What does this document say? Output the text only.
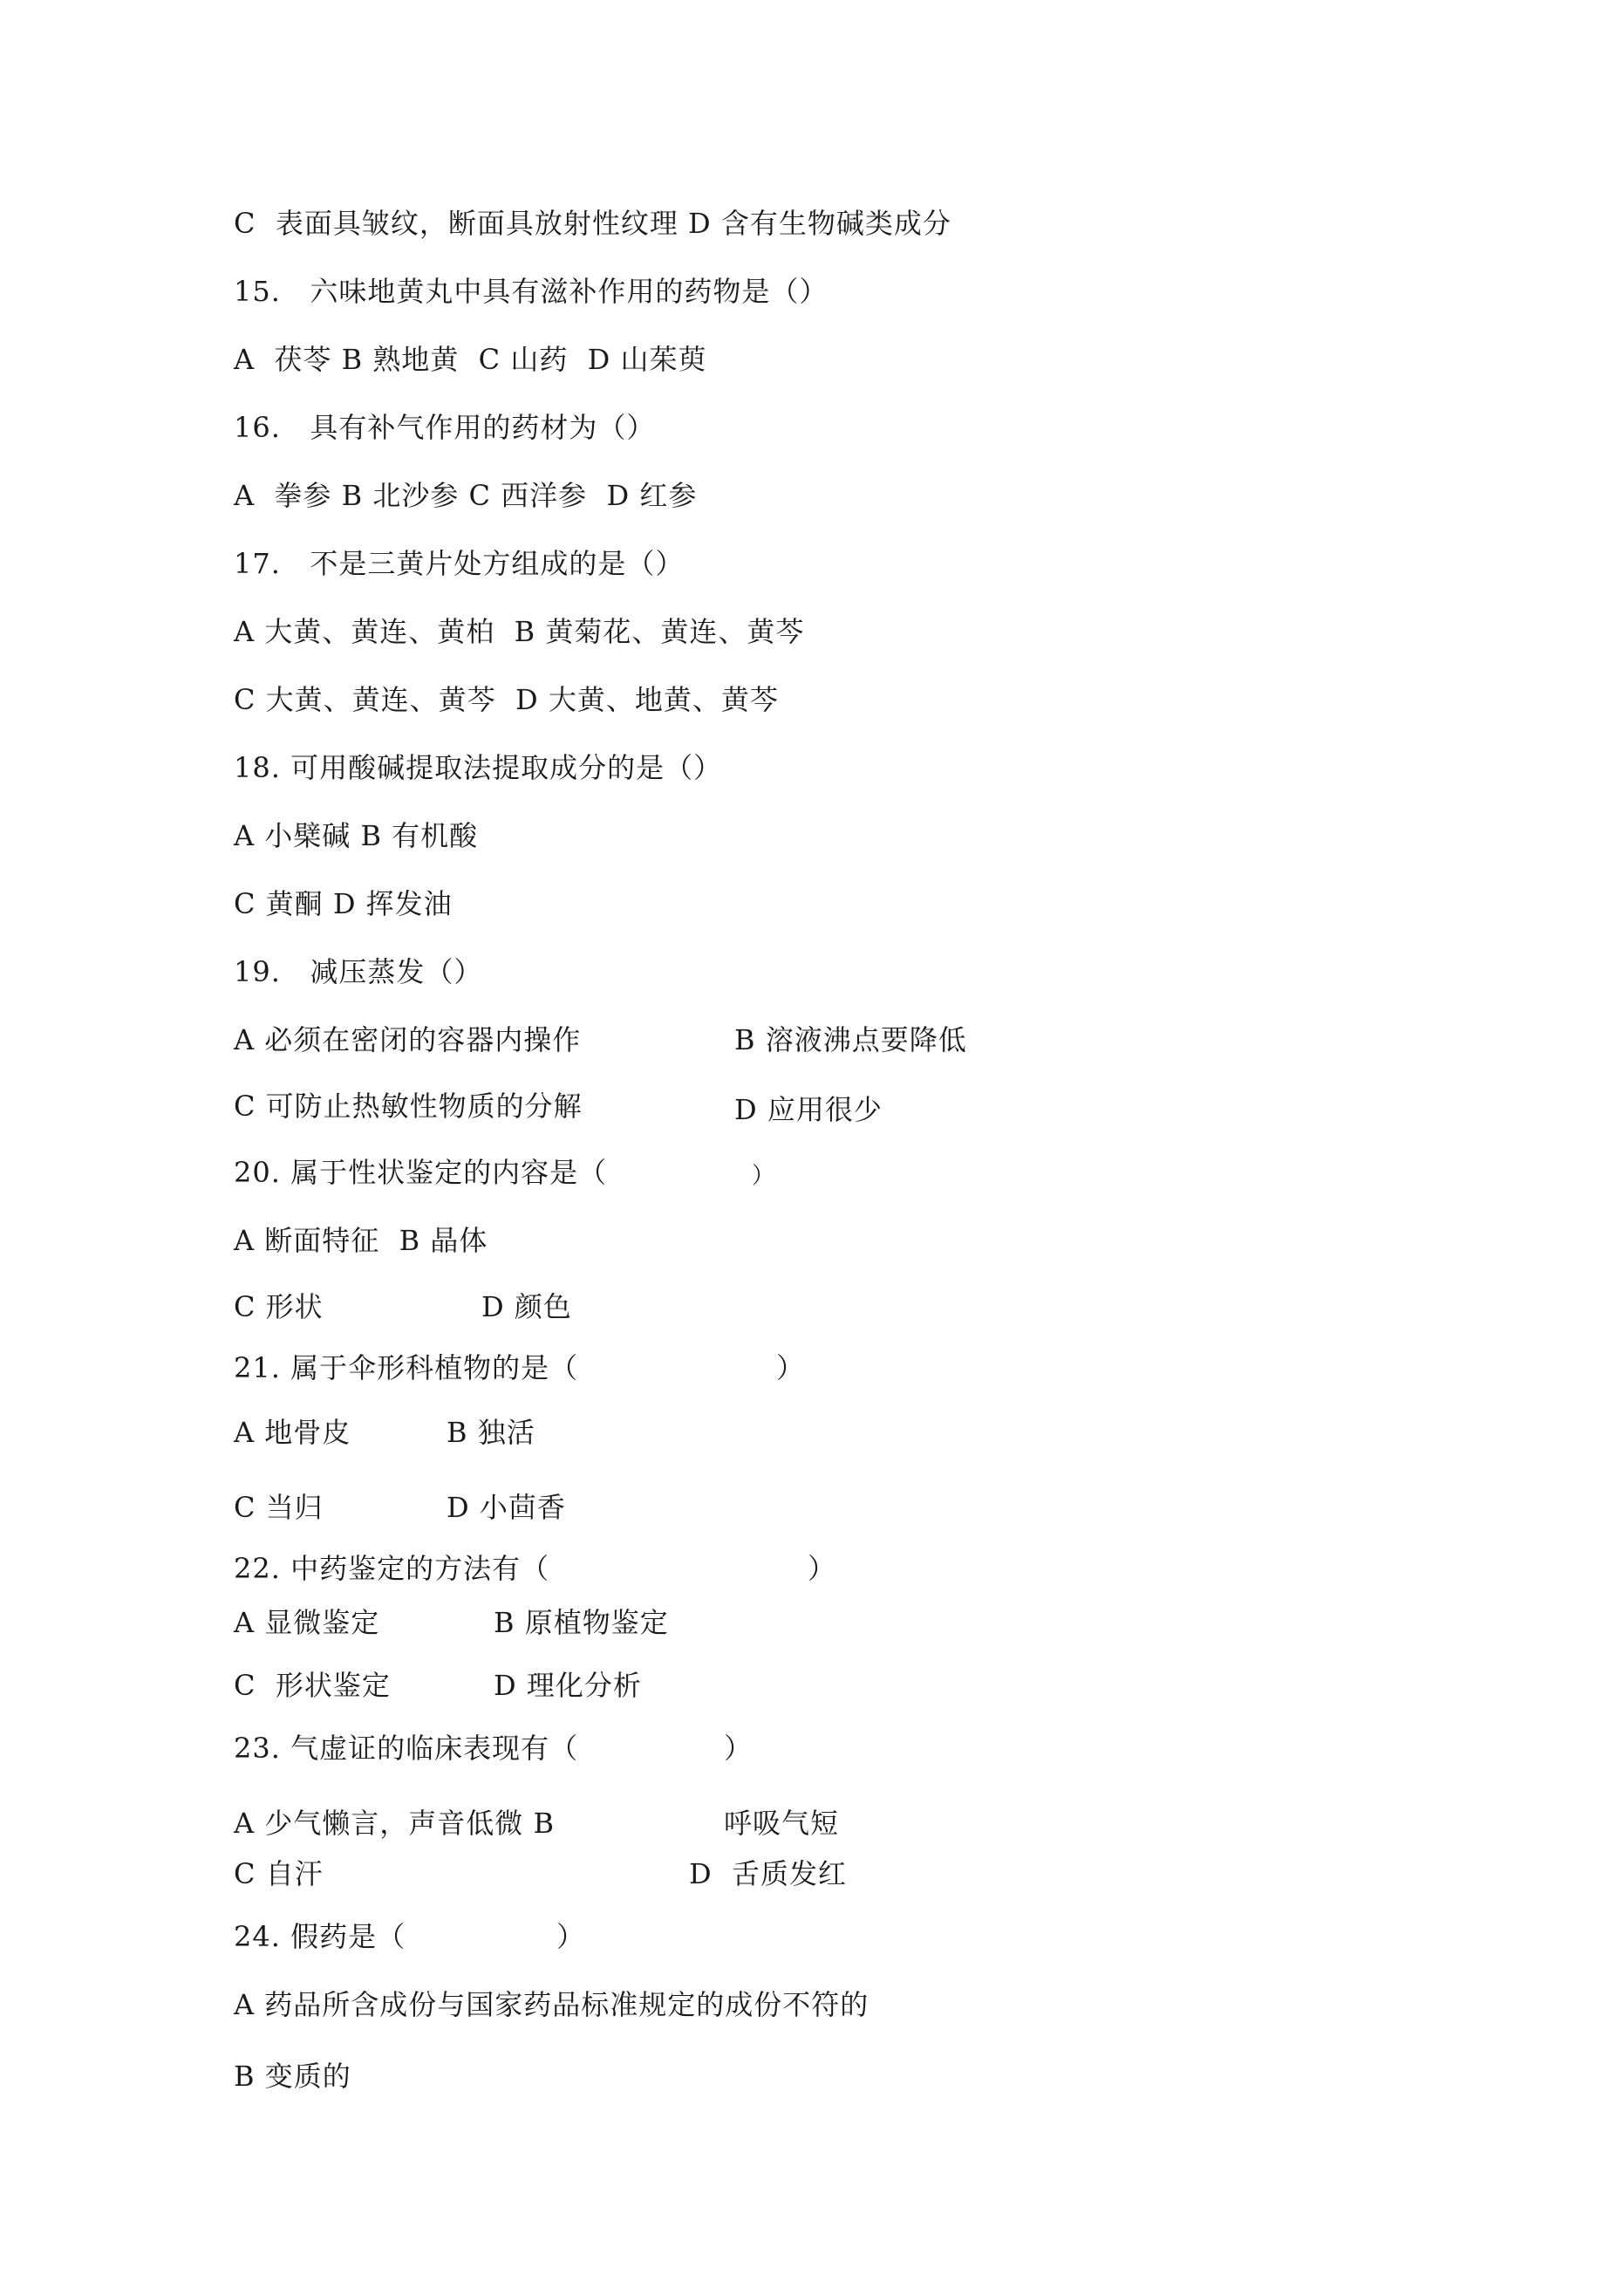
C  表面具皱纹，断面具放射性纹理 D 含有生物碱类成分
15.   六味地黄丸中具有滋补作用的药物是（）
A  茯苓 B 熟地黄  C 山药  D 山茱萸
16.   具有补气作用的药材为（）
A  拳参 B 北沙参 C 西洋参  D 红参
17.   不是三黄片处方组成的是（）
A 大黄、黄连、黄柏  B 黄菊花、黄连、黄芩
C 大黄、黄连、黄芩  D 大黄、地黄、黄芩
18. 可用酸碱提取法提取成分的是（）
A 小檗碱 B 有机酸
C 黄酮 D 挥发油
19.   减压蒸发（）
A 必须在密闭的容器内操作	B 溶液沸点要降低
C 可防止热敏性物质的分解	D 应用很少
20. 属于性状鉴定的内容是（	）
A 断面特征  B 晶体
C 形状	D 颜色
21. 属于伞形科植物的是（	）
A 地骨皮	B 独活
C 当归	D 小茴香
22. 中药鉴定的方法有（	）
A 显微鉴定	B 原植物鉴定
C  形状鉴定	D 理化分析
23. 气虚证的临床表现有（	）
A 少气懒言，声音低微 B	呼吸气短
C 自汗	D  舌质发红
24. 假药是（	）
A 药品所含成份与国家药品标准规定的成份不符的
B 变质的
